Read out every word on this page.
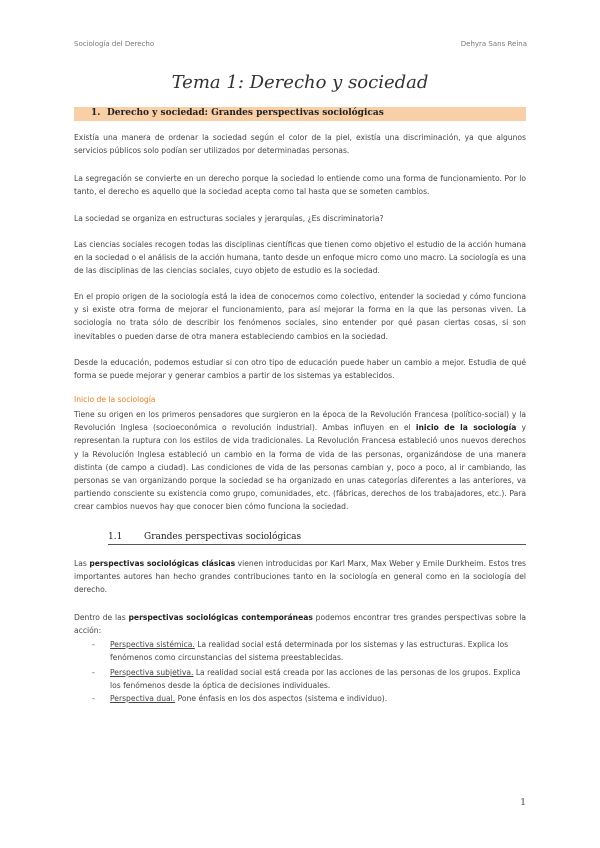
Sociología del Derecho	Dehyra Sans Reina
Tema 1: Derecho y sociedad
1. Derecho y sociedad: Grandes perspectivas sociológicas
Existía una manera de ordenar la sociedad según el color de la piel, existía una discriminación, ya que algunos servicios públicos solo podían ser utilizados por determinadas personas.
La segregación se convierte en un derecho porque la sociedad lo entiende como una forma de funcionamiento. Por lo tanto, el derecho es aquello que la sociedad acepta como tal hasta que se someten cambios.
La sociedad se organiza en estructuras sociales y jerarquías, ¿Es discriminatoria?
Las ciencias sociales recogen todas las disciplinas científicas que tienen como objetivo el estudio de la acción humana en la sociedad o el análisis de la acción humana, tanto desde un enfoque micro como uno macro. La sociología es una de las disciplinas de las ciencias sociales, cuyo objeto de estudio es la sociedad.
En el propio origen de la sociología está la idea de conocernos como colectivo, entender la sociedad y cómo funciona y si existe otra forma de mejorar el funcionamiento, para así mejorar la forma en la que las personas viven. La sociología no trata sólo de describir los fenómenos sociales, sino entender por qué pasan ciertas cosas, si son inevitables o pueden darse de otra manera estableciendo cambios en la sociedad.
Desde la educación, podemos estudiar si con otro tipo de educación puede haber un cambio a mejor. Estudia de qué forma se puede mejorar y generar cambios a partir de los sistemas ya establecidos.
Inicio de la sociología
Tiene su origen en los primeros pensadores que surgieron en la época de la Revolución Francesa (político-social) y la Revolución Inglesa (socioeconómica o revolución industrial). Ambas influyen en el inicio de la sociología y representan la ruptura con los estilos de vida tradicionales. La Revolución Francesa estableció unos nuevos derechos y la Revolución Inglesa estableció un cambio en la forma de vida de las personas, organizándose de una manera distinta (de campo a ciudad). Las condiciones de vida de las personas cambian y, poco a poco, al ir cambiando, las personas se van organizando porque la sociedad se ha organizado en unas categorías diferentes a las anteriores, va partiendo consciente su existencia como grupo, comunidades, etc. (fábricas, derechos de los trabajadores, etc.). Para crear cambios nuevos hay que conocer bien cómo funciona la sociedad.
1.1 Grandes perspectivas sociológicas
Las perspectivas sociológicas clásicas vienen introducidas por Karl Marx, Max Weber y Emile Durkheim. Estos tres importantes autores han hecho grandes contribuciones tanto en la sociología en general como en la sociología del derecho.
Dentro de las perspectivas sociológicas contemporáneas podemos encontrar tres grandes perspectivas sobre la acción:
- Perspectiva sistémica. La realidad social está determinada por los sistemas y las estructuras. Explica los fenómenos como circunstancias del sistema preestablecidas.
- Perspectiva subjetiva. La realidad social está creada por las acciones de las personas de los grupos. Explica los fenómenos desde la óptica de decisiones individuales.
- Perspectiva dual. Pone énfasis en los dos aspectos (sistema e individuo).
1
